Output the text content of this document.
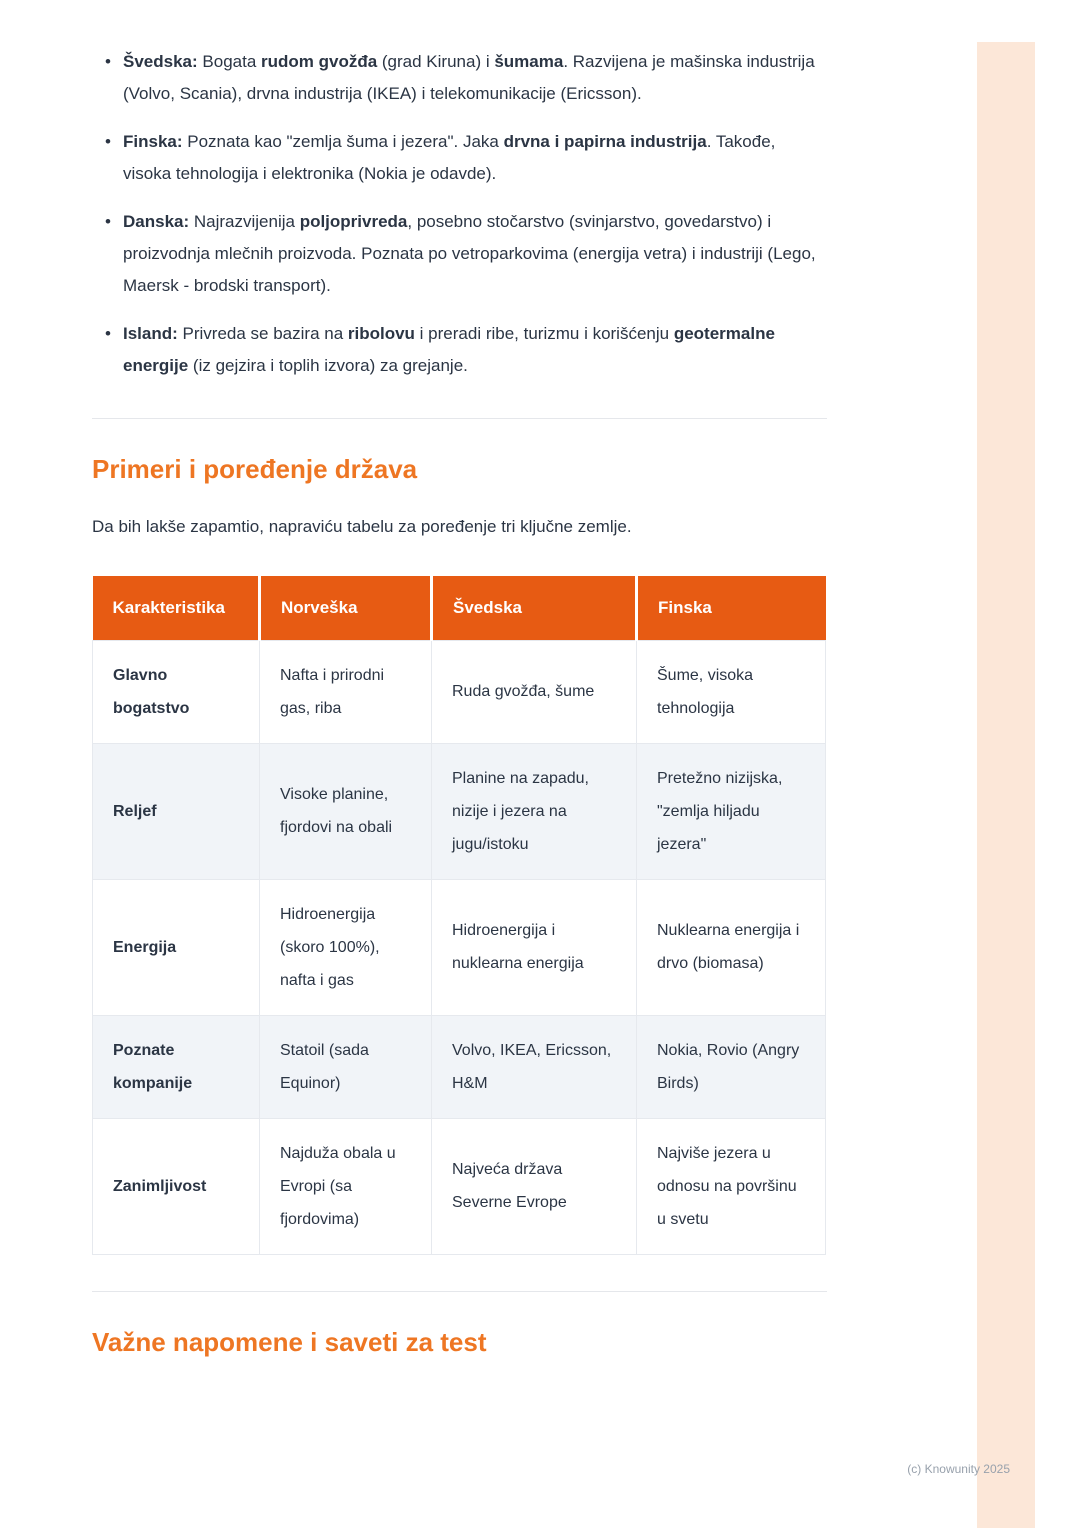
• Švedska: Bogata rudom gvožđa (grad Kiruna) i šumama. Razvijena je mašinska industrija (Volvo, Scania), drvna industrija (IKEA) i telekomunikacije (Ericsson).
• Finska: Poznata kao "zemlja šuma i jezera". Jaka drvna i papirna industrija. Takođe, visoka tehnologija i elektronika (Nokia je odavde).
• Danska: Najrazvijenija poljoprivreda, posebno stočarstvo (svinjarstvo, govedarstvo) i proizvodnja mlečnih proizvoda. Poznata po vetroparkovima (energija vetra) i industriji (Lego, Maersk - brodski transport).
• Island: Privreda se bazira na ribolovu i preradi ribe, turizmu i korišćenju geotermalne energije (iz gejzira i toplih izvora) za grejanje.
Primeri i poređenje država

Da bih lakše zapamtio, napraviću tabelu za poređenje tri ključne zemlje.

Karakteristika	Norveška	Švedska	Finska
Glavno bogatstvo	Nafta i prirodni gas, riba	Ruda gvožđa, šume	Šume, visoka tehnologija
Reljef	Visoke planine, fjordovi na obali	Planine na zapadu, nizije i jezera na jugu/istoku	Pretežno nizijska, "zemlja hiljadu jezera"
Energija	Hidroenergija (skoro 100%), nafta i gas	Hidroenergija i nuklearna energija	Nuklearna energija i drvo (biomasa)
Poznate kompanije	Statoil (sada Equinor)	Volvo, IKEA, Ericsson, H&M	Nokia, Rovio (Angry Birds)
Zanimljivost	Najduža obala u Evropi (sa fjordovima)	Najveća država Severne Evrope	Najviše jezera u odnosu na površinu u svetu
Važne napomene i saveti za test
(c) Knowunity 2025
